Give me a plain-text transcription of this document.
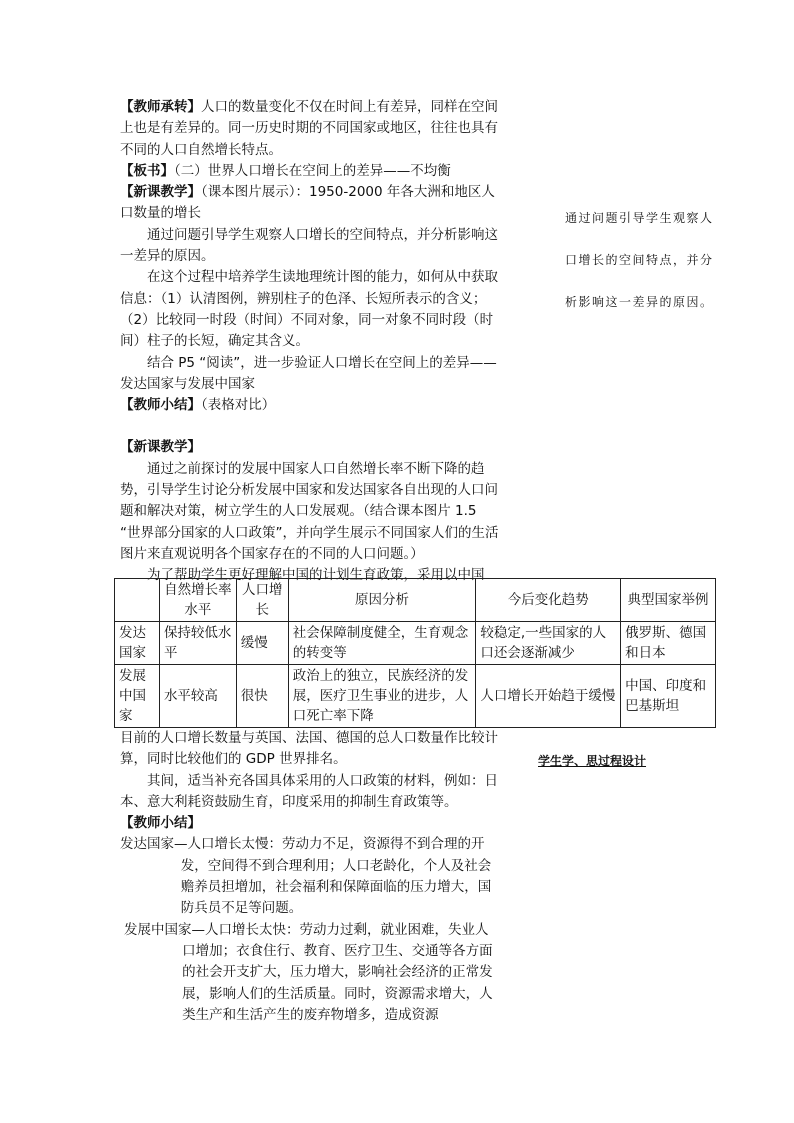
【教师承转】人口的数量变化不仅在时间上有差异，同样在空间上也是有差异的。同一历史时期的不同国家或地区，往往也具有不同的人口自然增长特点。

【板书】（二）世界人口增长在空间上的差异——不均衡

【新课教学】（课本图片展示）：1950-2000 年各大洲和地区人口数量的增长

通过问题引导学生观察人口增长的空间特点，并分析影响这一差异的原因。

在这个过程中培养学生读地理统计图的能力，如何从中获取信息：（1）认清图例，辨别柱子的色泽、长短所表示的含义；（2）比较同一时段（时间）不同对象，同一对象不同时段（时间）柱子的长短，确定其含义。

结合 P5 “阅读”，进一步验证人口增长在空间上的差异——发达国家与发展中国家

【教师小结】（表格对比）

【新课教学】

通过之前探讨的发展中国家人口自然增长率不断下降的趋势，引导学生讨论分析发展中国家和发达国家各自出现的人口问题和解决对策，树立学生的人口发展观。（结合课本图片 1.5 “世界部分国家的人口政策”，并向学生展示不同国家人们的生活图片来直观说明各个国家存在的不同的人口问题。）

为了帮助学生更好理解中国的计划生育政策，采用以中国

	自然增长率水平	人口增长	原因分析	今后变化趋势	典型国家举例
发达国家	保持较低水平	缓慢	社会保障制度健全，生育观念的转变等	较稳定,一些国家的人口还会逐渐减少	俄罗斯、德国和日本
发展中国家	水平较高	很快	政治上的独立，民族经济的发展，医疗卫生事业的进步，人口死亡率下降	人口增长开始趋于缓慢	中国、印度和巴基斯坦

目前的人口增长数量与英国、法国、德国的总人口数量作比较计算，同时比较他们的 GDP 世界排名。

其间，适当补充各国具体采用的人口政策的材料，例如：日本、意大利耗资鼓励生育，印度采用的抑制生育政策等。

【教师小结】

发达国家—人口增长太慢：劳动力不足，资源得不到合理的开发，空间得不到合理利用；人口老龄化，个人及社会赡养员担增加，社会福利和保障面临的压力增大，国防兵员不足等问题。

发展中国家—人口增长太快：劳动力过剩，就业困难，失业人口增加；衣食住行、教育、医疗卫生、交通等各方面的社会开支扩大，压力增大，影响社会经济的正常发展，影响人们的生活质量。同时，资源需求增大，人类生产和生活产生的废弃物增多，造成资源

通过问题引导学生观察人口增长的空间特点，并分析影响这一差异的原因。
学生学、思过程设计
